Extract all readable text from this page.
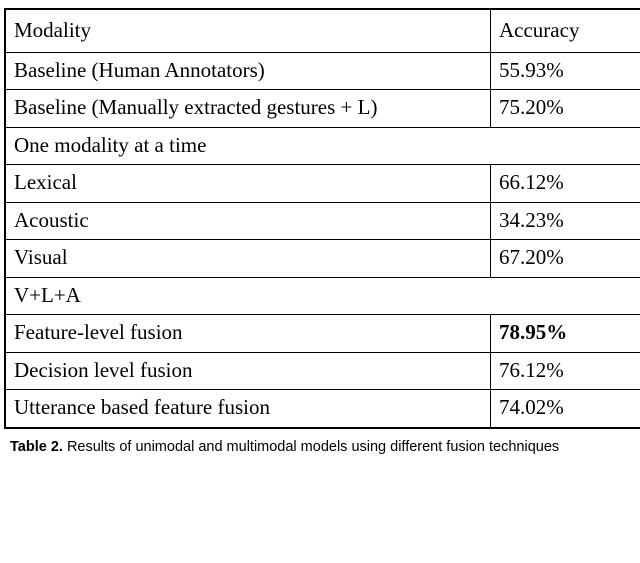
Modality	Accuracy
Baseline (Human Annotators)	55.93%
Baseline (Manually extracted gestures + L)	75.20%
One modality at a time	
Lexical	66.12%
Acoustic	34.23%
Visual	67.20%
V+L+A	
Feature-level fusion	78.95%
Decision level fusion	76.12%
Utterance based feature fusion	74.02%
Table 2. Results of unimodal and multimodal models using different fusion techniques
